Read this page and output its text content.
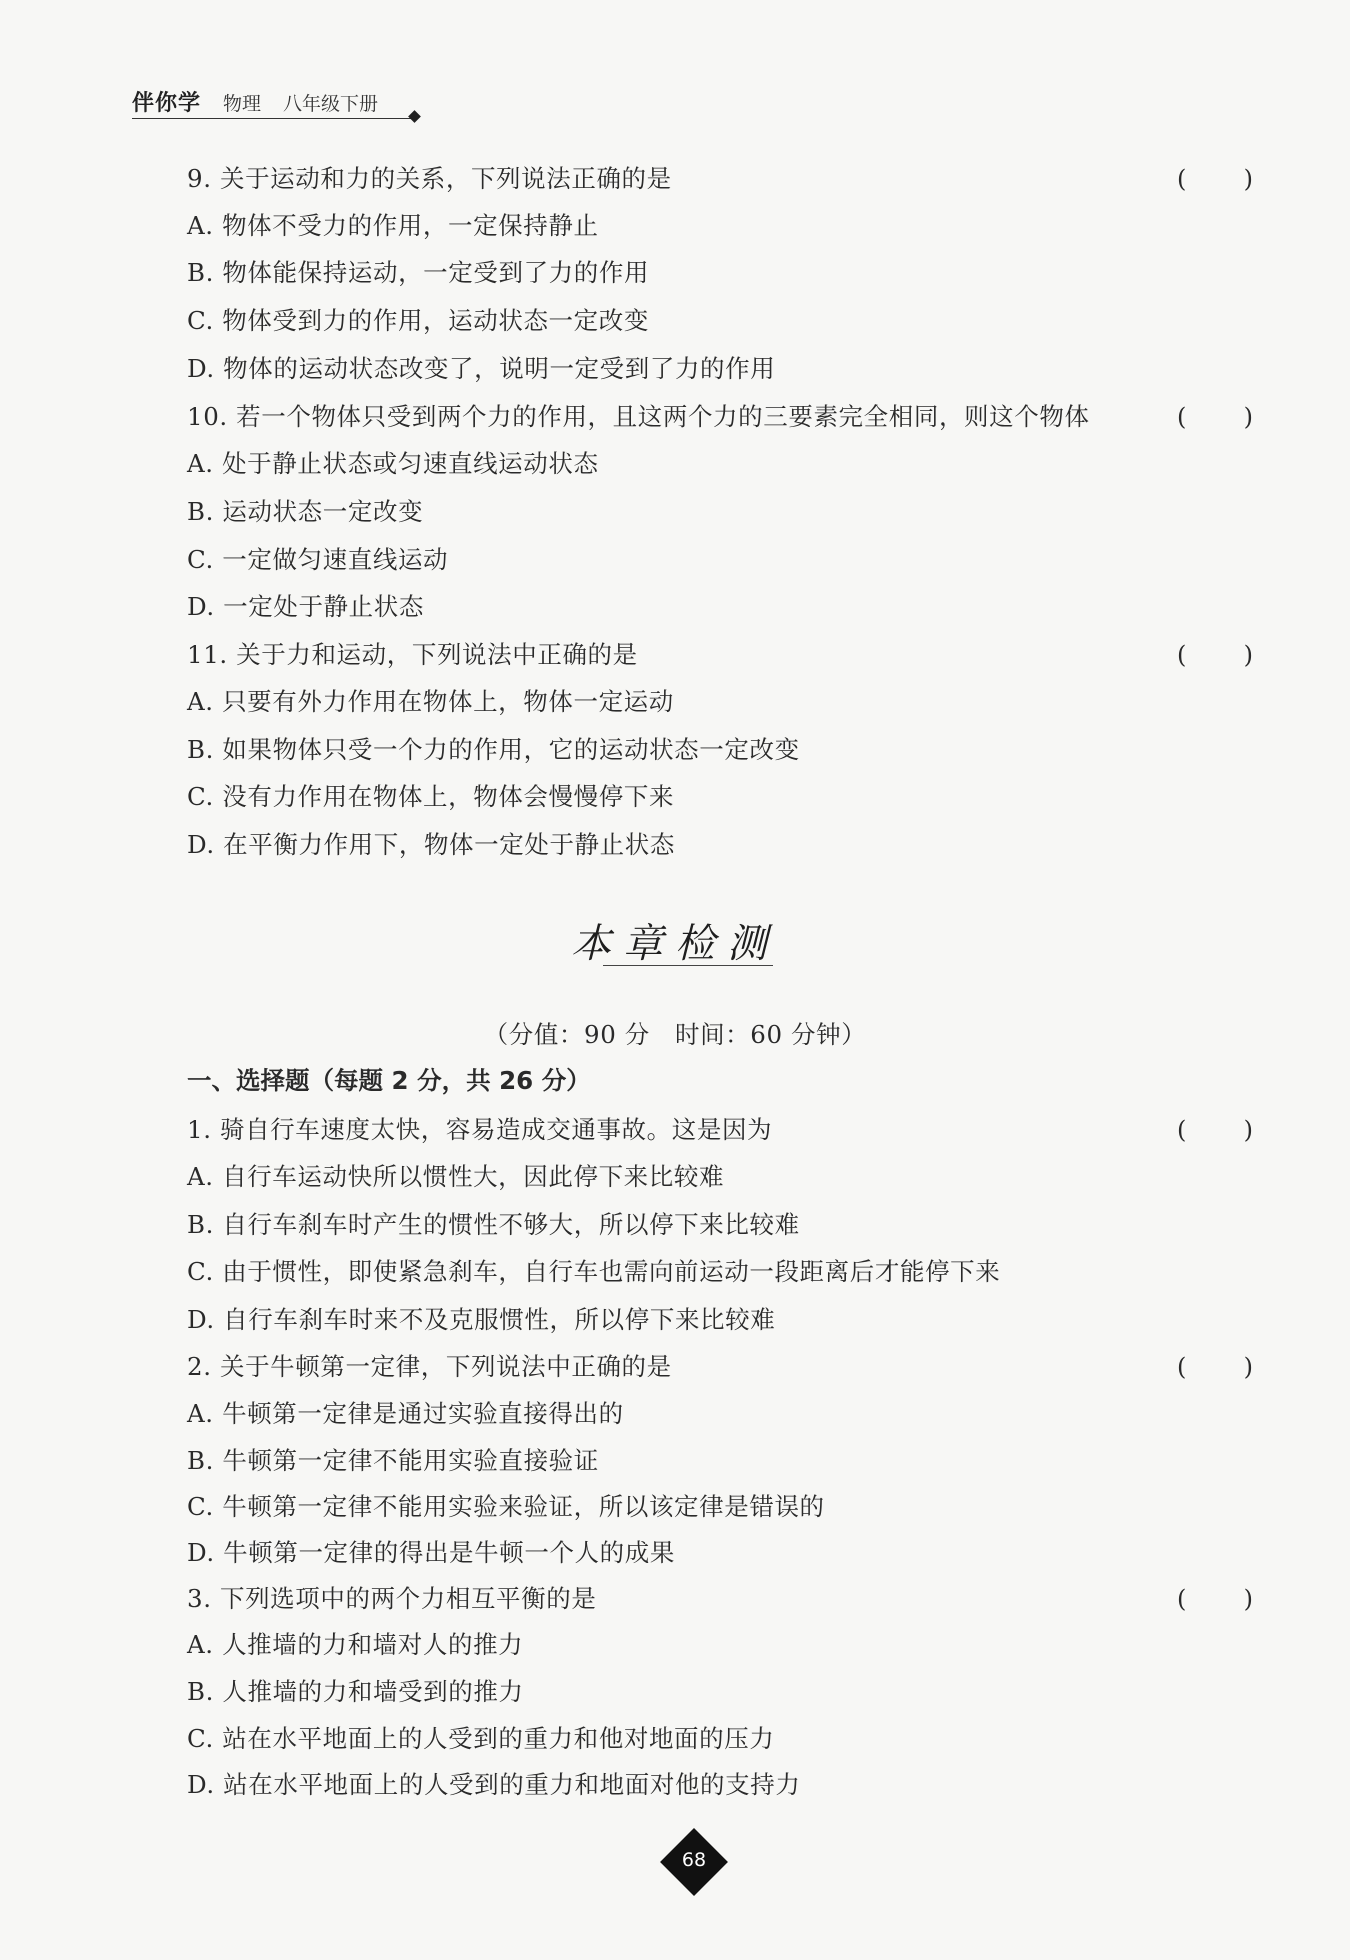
伴你学 物理 八年级下册
9. 关于运动和力的关系，下列说法正确的是	( )
A. 物体不受力的作用，一定保持静止
B. 物体能保持运动，一定受到了力的作用
C. 物体受到力的作用，运动状态一定改变
D. 物体的运动状态改变了，说明一定受到了力的作用
10. 若一个物体只受到两个力的作用，且这两个力的三要素完全相同，则这个物体	( )
A. 处于静止状态或匀速直线运动状态
B. 运动状态一定改变
C. 一定做匀速直线运动
D. 一定处于静止状态
11. 关于力和运动，下列说法中正确的是	( )
A. 只要有外力作用在物体上，物体一定运动
B. 如果物体只受一个力的作用，它的运动状态一定改变
C. 没有力作用在物体上，物体会慢慢停下来
D. 在平衡力作用下，物体一定处于静止状态
本章检测
（分值：90 分　时间：60 分钟）
一、选择题（每题 2 分，共 26 分）
1. 骑自行车速度太快，容易造成交通事故。这是因为	( )
A. 自行车运动快所以惯性大，因此停下来比较难
B. 自行车刹车时产生的惯性不够大，所以停下来比较难
C. 由于惯性，即使紧急刹车，自行车也需向前运动一段距离后才能停下来
D. 自行车刹车时来不及克服惯性，所以停下来比较难
2. 关于牛顿第一定律，下列说法中正确的是	( )
A. 牛顿第一定律是通过实验直接得出的
B. 牛顿第一定律不能用实验直接验证
C. 牛顿第一定律不能用实验来验证，所以该定律是错误的
D. 牛顿第一定律的得出是牛顿一个人的成果
3. 下列选项中的两个力相互平衡的是	( )
A. 人推墙的力和墙对人的推力
B. 人推墙的力和墙受到的推力
C. 站在水平地面上的人受到的重力和他对地面的压力
D. 站在水平地面上的人受到的重力和地面对他的支持力
68
